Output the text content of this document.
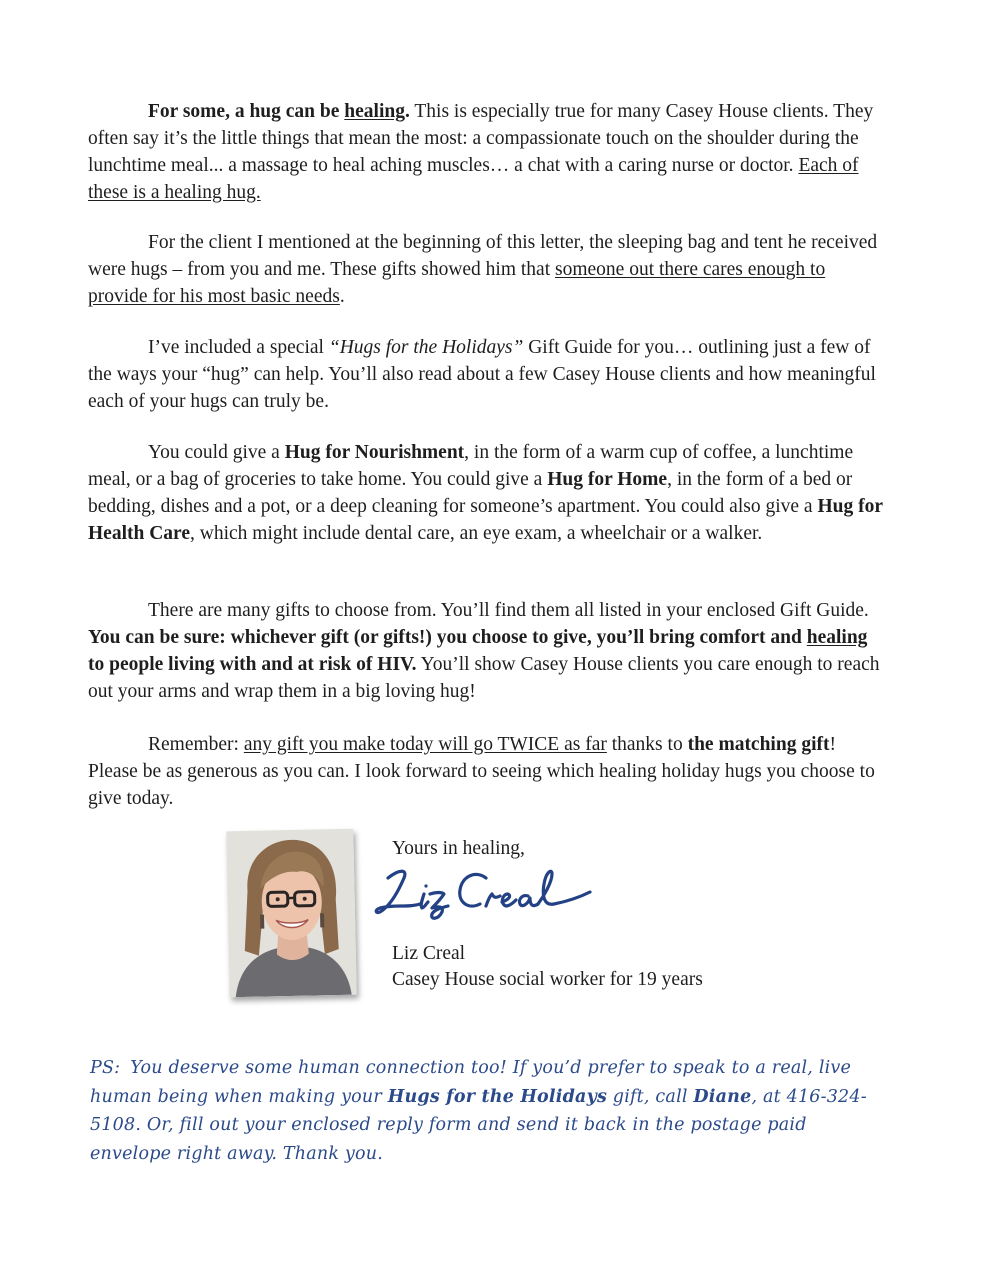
For some, a hug can be healing. This is especially true for many Casey House clients. They often say it’s the little things that mean the most: a compassionate touch on the shoulder during the lunchtime meal... a massage to heal aching muscles… a chat with a caring nurse or doctor. Each of these is a healing hug.

For the client I mentioned at the beginning of this letter, the sleeping bag and tent he received were hugs – from you and me. These gifts showed him that someone out there cares enough to provide for his most basic needs.

I’ve included a special “Hugs for the Holidays” Gift Guide for you… outlining just a few of the ways your “hug” can help. You’ll also read about a few Casey House clients and how meaningful each of your hugs can truly be.

You could give a Hug for Nourishment, in the form of a warm cup of coffee, a lunchtime meal, or a bag of groceries to take home. You could give a Hug for Home, in the form of a bed or bedding, dishes and a pot, or a deep cleaning for someone’s apartment. You could also give a Hug for Health Care, which might include dental care, an eye exam, a wheelchair or a walker.

There are many gifts to choose from. You’ll find them all listed in your enclosed Gift Guide. You can be sure: whichever gift (or gifts!) you choose to give, you’ll bring comfort and healing to people living with and at risk of HIV. You’ll show Casey House clients you care enough to reach out your arms and wrap them in a big loving hug!

Remember: any gift you make today will go TWICE as far thanks to the matching gift! Please be as generous as you can. I look forward to seeing which healing holiday hugs you choose to give today.

Yours in healing,
Liz Creal
Casey House social worker for 19 years
PS: You deserve some human connection too! If you’d prefer to speak to a real, live human being when making your Hugs for the Holidays gift, call Diane, at 416-324-5108. Or, fill out your enclosed reply form and send it back in the postage paid envelope right away. Thank you.
